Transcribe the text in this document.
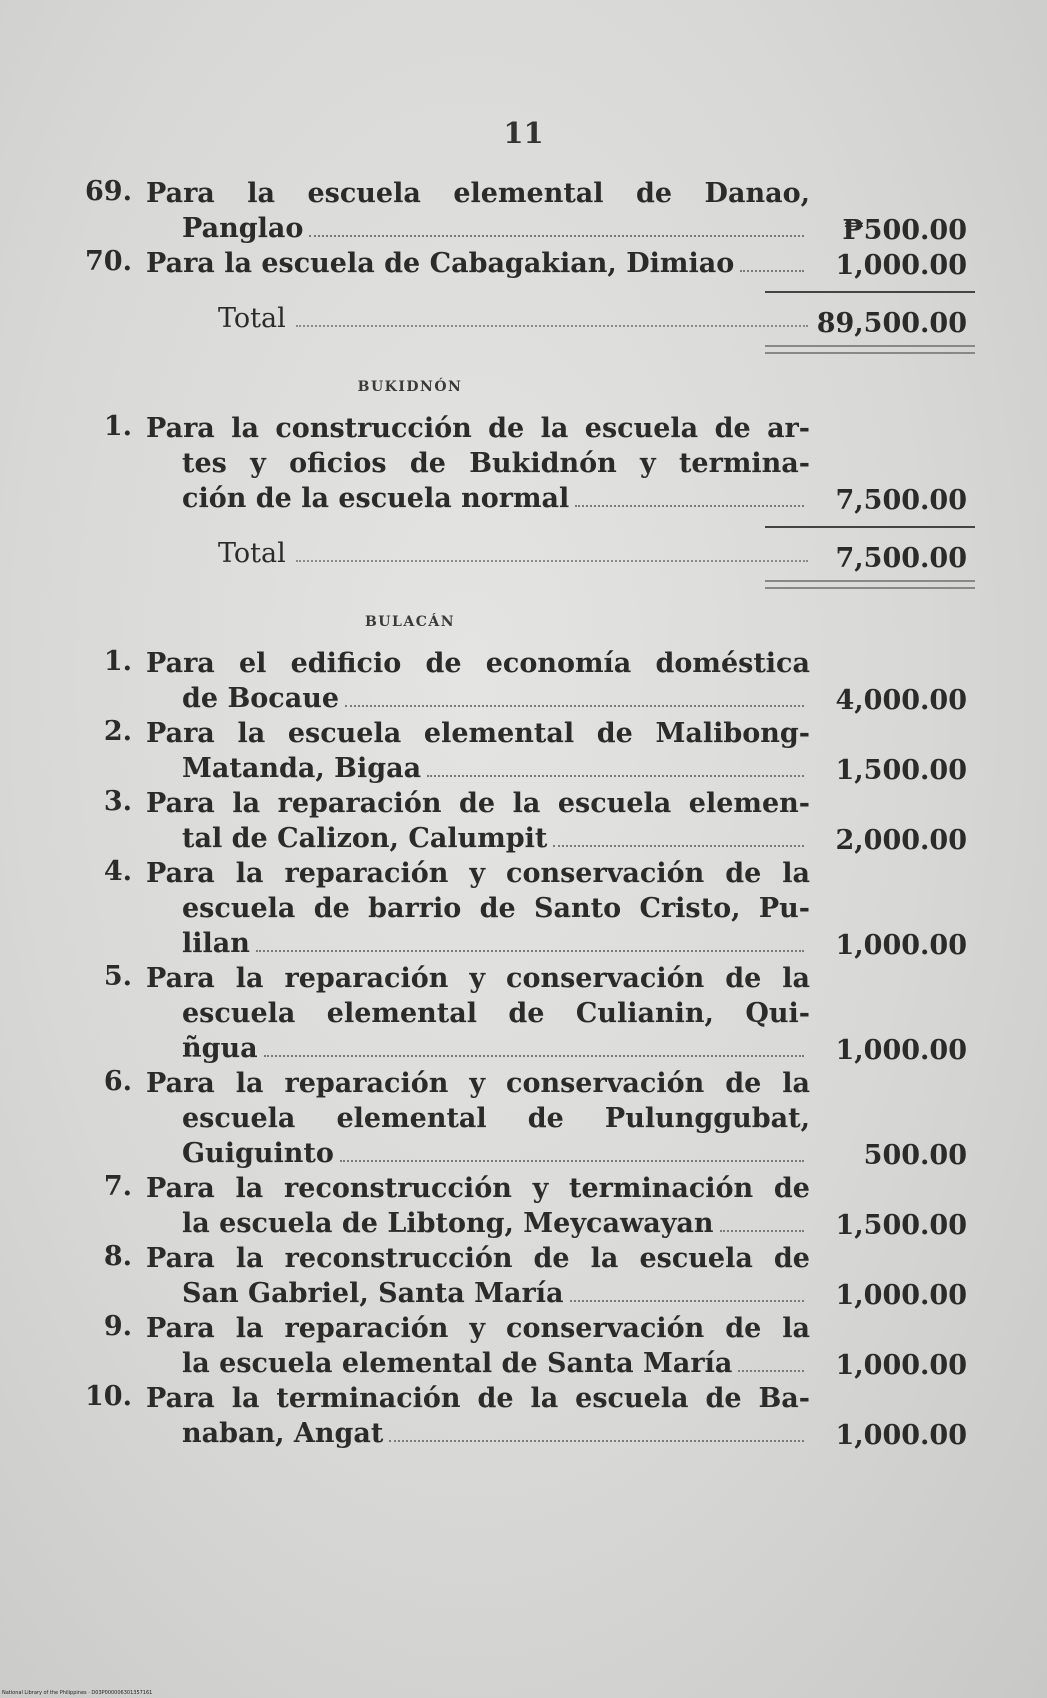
11
69. Para la escuela elemental de Danao,
Panglao	₱500.00
70. Para la escuela de Cabagakian, Dimiao	1,000.00
Total	89,500.00
BUKIDNÓN
1. Para la construcción de la escuela de ar-
tes y oficios de Bukidnón y termina-
ción de la escuela normal	7,500.00
Total	7,500.00
BULACÁN
1. Para el edificio de economía doméstica
de Bocaue	4,000.00
2. Para la escuela elemental de Malibong-
Matanda, Bigaa	1,500.00
3. Para la reparación de la escuela elemen-
tal de Calizon, Calumpit	2,000.00
4. Para la reparación y conservación de la
escuela de barrio de Santo Cristo, Pu-
lilan	1,000.00
5. Para la reparación y conservación de la
escuela elemental de Culianin, Qui-
ñgua	1,000.00
6. Para la reparación y conservación de la
escuela elemental de Pulunggubat,
Guiguinto	500.00
7. Para la reconstrucción y terminación de
la escuela de Libtong, Meycawayan	1,500.00
8. Para la reconstrucción de la escuela de
San Gabriel, Santa María	1,000.00
9. Para la reparación y conservación de la
la escuela elemental de Santa María	1,000.00
10. Para la terminación de la escuela de Ba-
naban, Angat	1,000.00
National Library of the Philippines · D03P000006301357161
